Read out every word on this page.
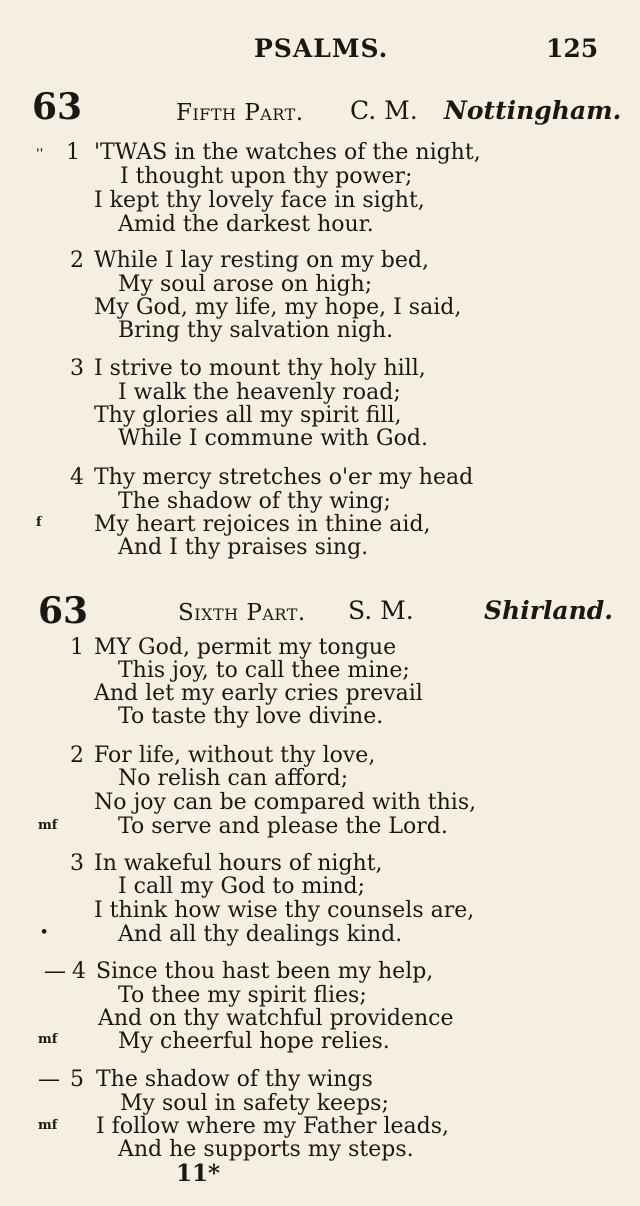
PSALMS.	125
63	Fifth Part. C. M. Nottingham.
ˈˈ 1 'TWAS in the watches of the night,
I thought upon thy power;
I kept thy lovely face in sight,
Amid the darkest hour.
2 While I lay resting on my bed,
My soul arose on high;
My God, my life, my hope, I said,
Bring thy salvation nigh.
3 I strive to mount thy holy hill,
I walk the heavenly road;
Thy glories all my spirit fill,
While I commune with God.
4 Thy mercy stretches o'er my head
The shadow of thy wing;
f My heart rejoices in thine aid,
And I thy praises sing.
63	Sixth Part. S. M.	Shirland.
1 MY God, permit my tongue
This joy, to call thee mine;
And let my early cries prevail
To taste thy love divine.
2 For life, without thy love,
No relish can afford;
No joy can be compared with this,
mf	To serve and please the Lord.
3 In wakeful hours of night,
I call my God to mind;
I think how wise thy counsels are,
•	And all thy dealings kind.
— 4 Since thou hast been my help,
To thee my spirit flies;
And on thy watchful providence
mf	My cheerful hope relies.
— 5 The shadow of thy wings
My soul in safety keeps;
mf I follow where my Father leads,
And he supports my steps.
11*
